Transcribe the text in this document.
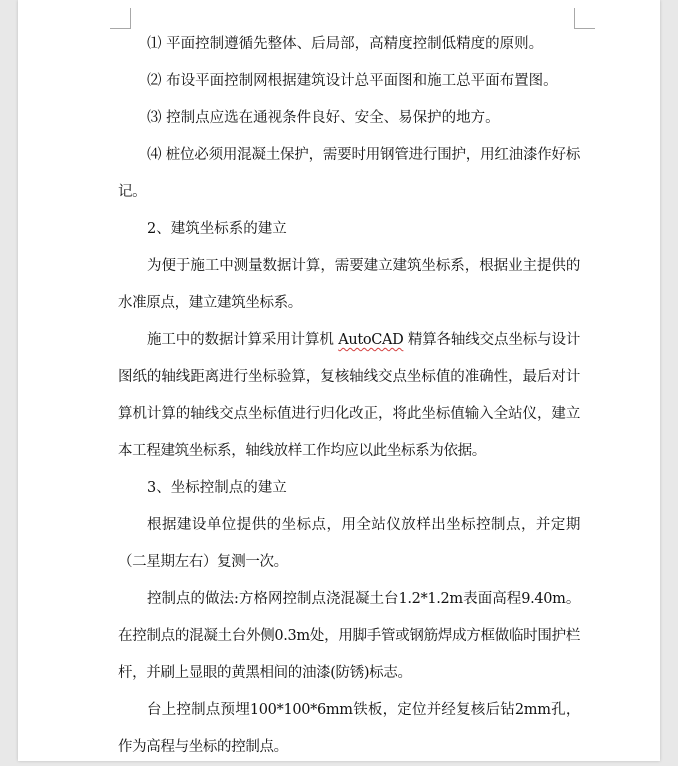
⑴ 平面控制遵循先整体、后局部，高精度控制低精度的原则。

⑵ 布设平面控制网根据建筑设计总平面图和施工总平面布置图。

⑶ 控制点应选在通视条件良好、安全、易保护的地方。

⑷ 桩位必须用混凝土保护，需要时用钢管进行围护，用红油漆作好标记。

2、建筑坐标系的建立

为便于施工中测量数据计算，需要建立建筑坐标系，根据业主提供的水准原点，建立建筑坐标系。

施工中的数据计算采用计算机 AutoCAD 精算各轴线交点坐标与设计图纸的轴线距离进行坐标验算，复核轴线交点坐标值的准确性，最后对计算机计算的轴线交点坐标值进行归化改正，将此坐标值输入全站仪，建立本工程建筑坐标系，轴线放样工作均应以此坐标系为依据。

3、坐标控制点的建立

根据建设单位提供的坐标点，用全站仪放样出坐标控制点，并定期（二星期左右）复测一次。

控制点的做法:方格网控制点浇混凝土台1.2*1.2m表面高程9.40m。在控制点的混凝土台外侧0.3m处，用脚手管或钢筋焊成方框做临时围护栏杆，并刷上显眼的黄黑相间的油漆(防锈)标志。

台上控制点预埋100*100*6mm铁板，定位并经复核后钻2mm孔，作为高程与坐标的控制点。
